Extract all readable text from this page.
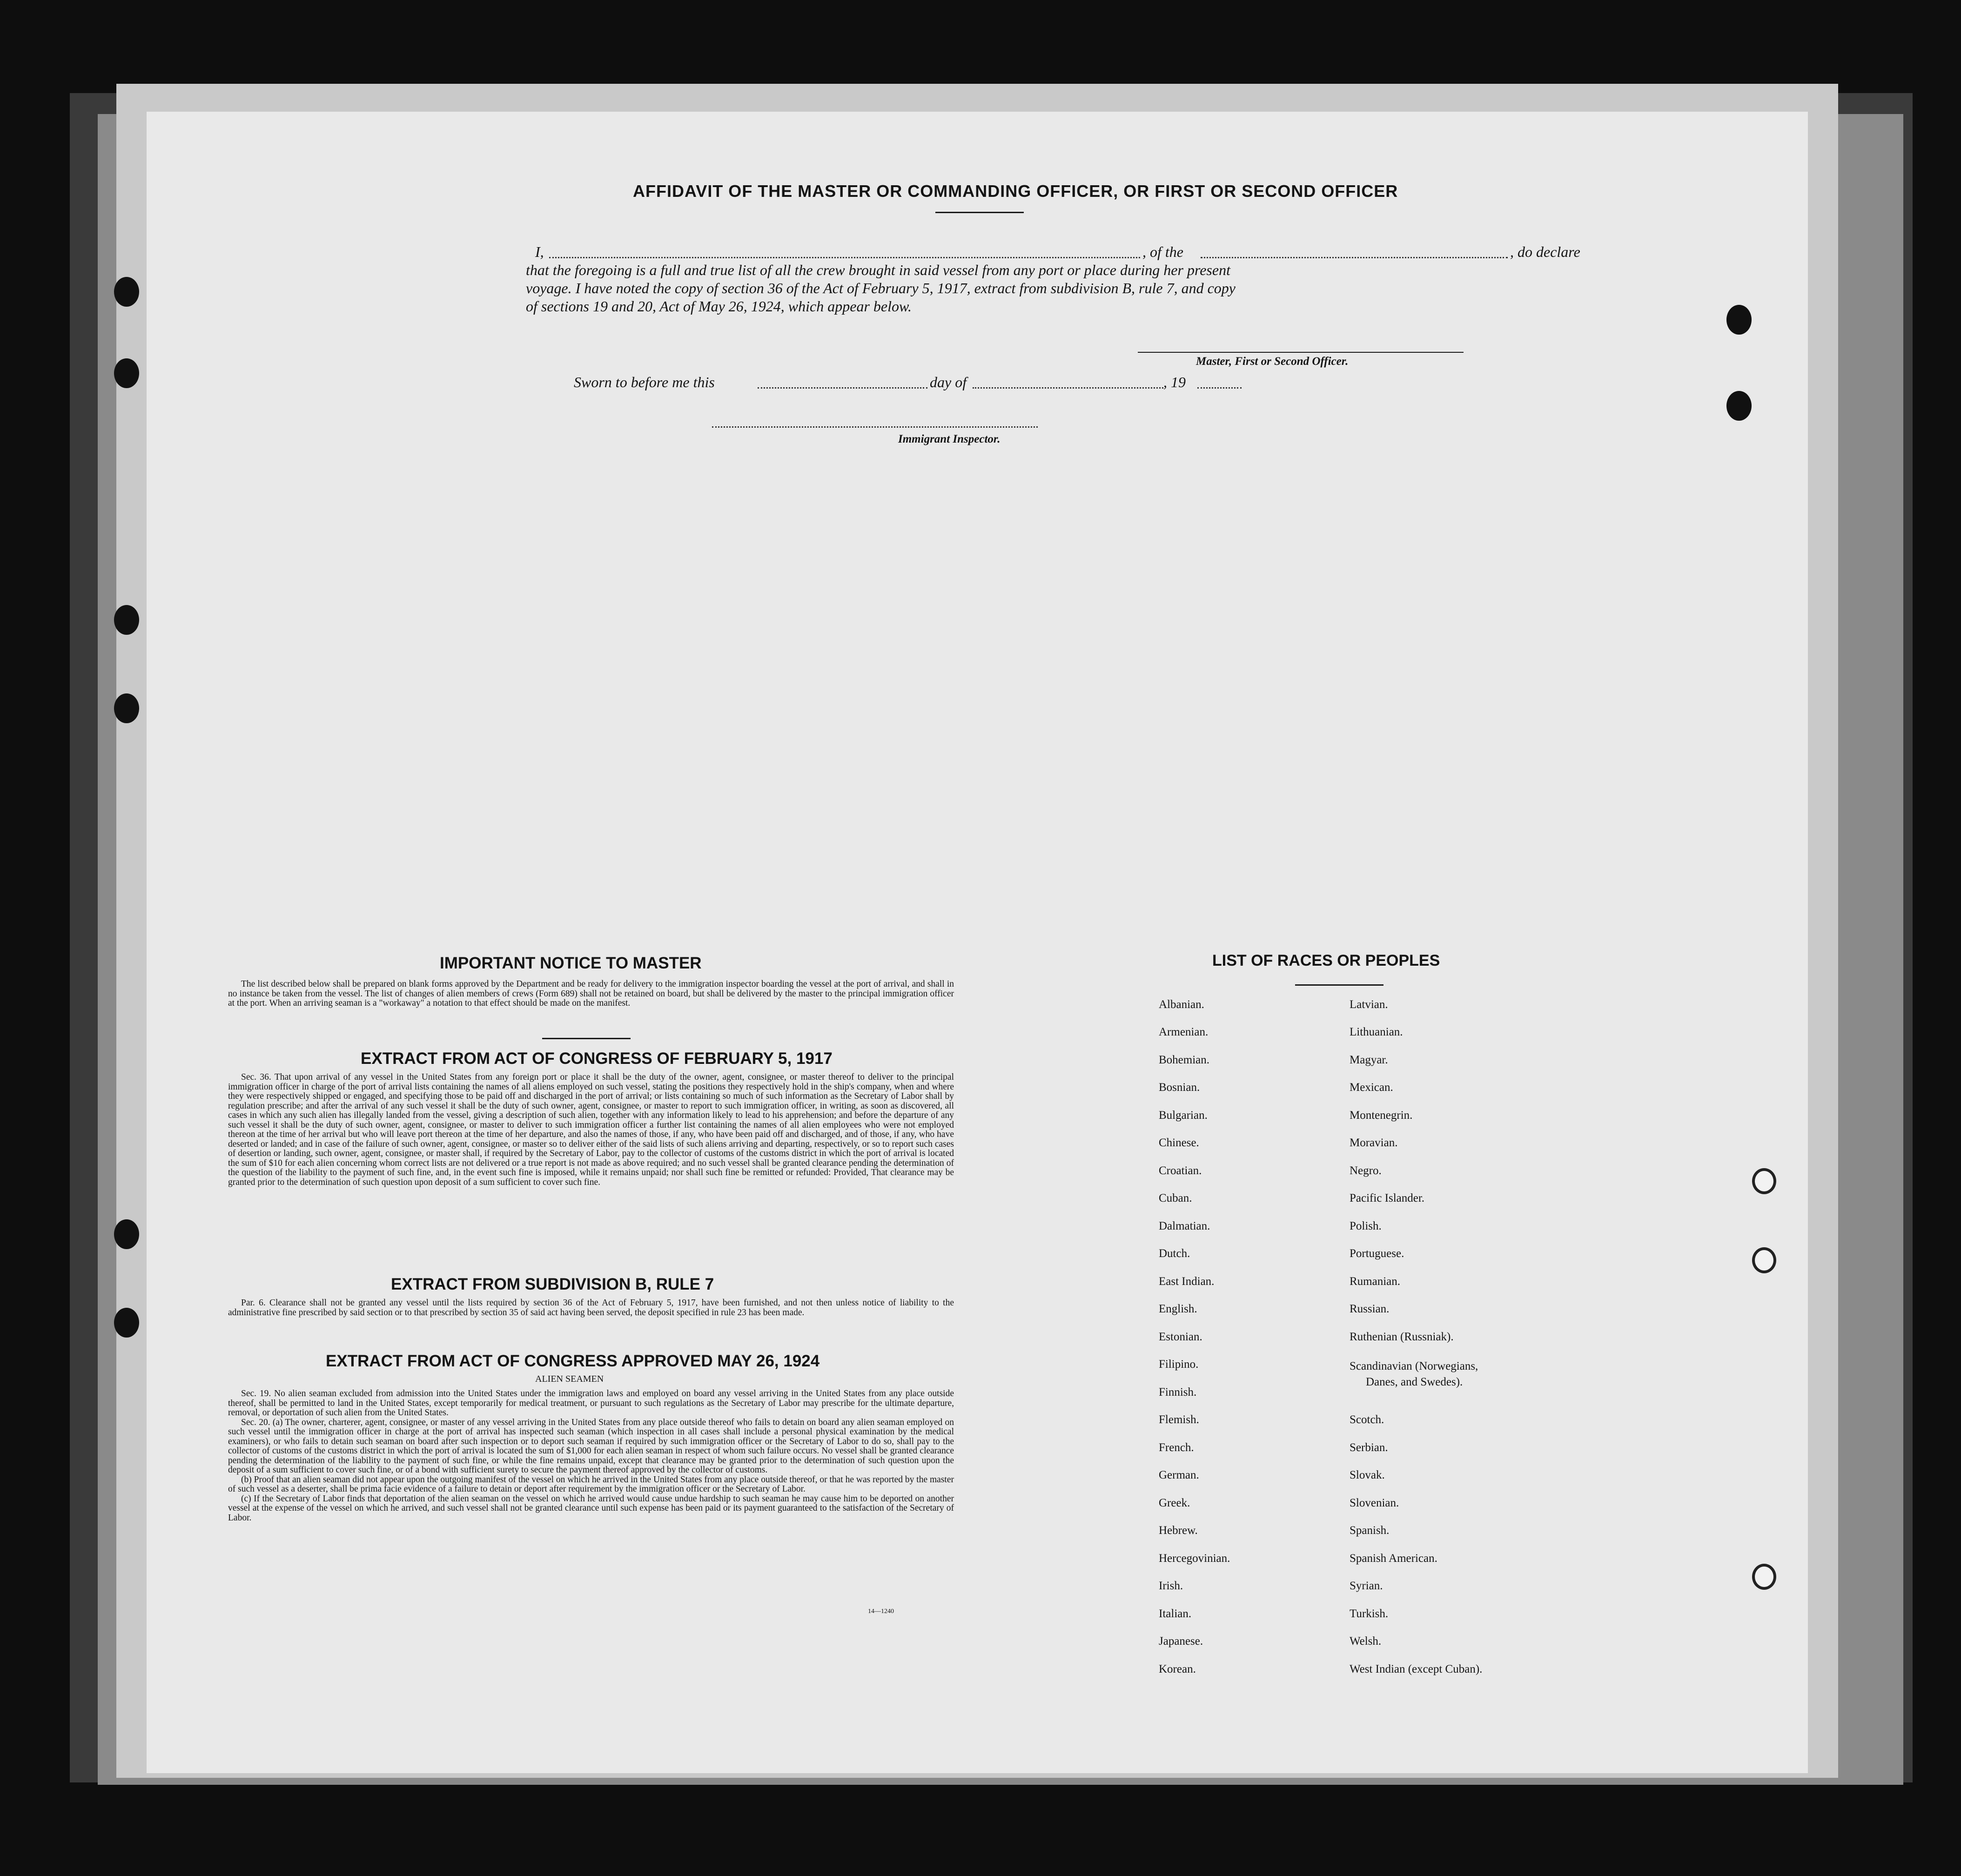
AFFIDAVIT OF THE MASTER OR COMMANDING OFFICER, OR FIRST OR SECOND OFFICER
I,	, of the	, do declare
that the foregoing is a full and true list of all the crew brought in said vessel from any port or place during her present
voyage. I have noted the copy of section 36 of the Act of February 5, 1917, extract from subdivision B, rule 7, and copy
of sections 19 and 20, Act of May 26, 1924, which appear below.
Master, First or Second Officer.
Sworn to before me this	day of	, 19
Immigrant Inspector.
IMPORTANT NOTICE TO MASTER

The list described below shall be prepared on blank forms approved by the Department and be ready for delivery to the immigration inspector boarding the vessel at the port of arrival, and shall in no instance be taken from the vessel. The list of changes of alien members of crews (Form 689) shall not be retained on board, but shall be delivered by the master to the principal immigration officer at the port. When an arriving seaman is a "workaway" a notation to that effect should be made on the manifest.

EXTRACT FROM ACT OF CONGRESS OF FEBRUARY 5, 1917

Sec. 36. That upon arrival of any vessel in the United States from any foreign port or place it shall be the duty of the owner, agent, consignee, or master thereof to deliver to the principal immigration officer in charge of the port of arrival lists containing the names of all aliens employed on such vessel, stating the positions they respectively hold in the ship's company, when and where they were respectively shipped or engaged, and specifying those to be paid off and discharged in the port of arrival; or lists containing so much of such information as the Secretary of Labor shall by regulation prescribe; and after the arrival of any such vessel it shall be the duty of such owner, agent, consignee, or master to report to such immigration officer, in writing, as soon as discovered, all cases in which any such alien has illegally landed from the vessel, giving a description of such alien, together with any information likely to lead to his apprehension; and before the departure of any such vessel it shall be the duty of such owner, agent, consignee, or master to deliver to such immigration officer a further list containing the names of all alien employees who were not employed thereon at the time of her arrival but who will leave port thereon at the time of her departure, and also the names of those, if any, who have been paid off and discharged, and of those, if any, who have deserted or landed; and in case of the failure of such owner, agent, consignee, or master so to deliver either of the said lists of such aliens arriving and departing, respectively, or so to report such cases of desertion or landing, such owner, agent, consignee, or master shall, if required by the Secretary of Labor, pay to the collector of customs of the customs district in which the port of arrival is located the sum of $10 for each alien concerning whom correct lists are not delivered or a true report is not made as above required; and no such vessel shall be granted clearance pending the determination of the question of the liability to the payment of such fine, and, in the event such fine is imposed, while it remains unpaid; nor shall such fine be remitted or refunded: Provided, That clearance may be granted prior to the determination of such question upon deposit of a sum sufficient to cover such fine.

EXTRACT FROM SUBDIVISION B, RULE 7

Par. 6. Clearance shall not be granted any vessel until the lists required by section 36 of the Act of February 5, 1917, have been furnished, and not then unless notice of liability to the administrative fine prescribed by said section or to that prescribed by section 35 of said act having been served, the deposit specified in rule 23 has been made.

EXTRACT FROM ACT OF CONGRESS APPROVED MAY 26, 1924
ALIEN SEAMEN

Sec. 19. No alien seaman excluded from admission into the United States under the immigration laws and employed on board any vessel arriving in the United States from any place outside thereof, shall be permitted to land in the United States, except temporarily for medical treatment, or pursuant to such regulations as the Secretary of Labor may prescribe for the ultimate departure, removal, or deportation of such alien from the United States.

Sec. 20. (a) The owner, charterer, agent, consignee, or master of any vessel arriving in the United States from any place outside thereof who fails to detain on board any alien seaman employed on such vessel until the immigration officer in charge at the port of arrival has inspected such seaman (which inspection in all cases shall include a personal physical examination by the medical examiners), or who fails to detain such seaman on board after such inspection or to deport such seaman if required by such immigration officer or the Secretary of Labor to do so, shall pay to the collector of customs of the customs district in which the port of arrival is located the sum of $1,000 for each alien seaman in respect of whom such failure occurs. No vessel shall be granted clearance pending the determination of the liability to the payment of such fine, or while the fine remains unpaid, except that clearance may be granted prior to the determination of such question upon the deposit of a sum sufficient to cover such fine, or of a bond with sufficient surety to secure the payment thereof approved by the collector of customs.

(b) Proof that an alien seaman did not appear upon the outgoing manifest of the vessel on which he arrived in the United States from any place outside thereof, or that he was reported by the master of such vessel as a deserter, shall be prima facie evidence of a failure to detain or deport after requirement by the immigration officer or the Secretary of Labor.

(c) If the Secretary of Labor finds that deportation of the alien seaman on the vessel on which he arrived would cause undue hardship to such seaman he may cause him to be deported on another vessel at the expense of the vessel on which he arrived, and such vessel shall not be granted clearance until such expense has been paid or its payment guaranteed to the satisfaction of the Secretary of Labor.

14—1240
LIST OF RACES OR PEOPLES
Albanian.
Armenian.
Bohemian.
Bosnian.
Bulgarian.
Chinese.
Croatian.
Cuban.
Dalmatian.
Dutch.
East Indian.
English.
Estonian.
Filipino.
Finnish.
Flemish.
French.
German.
Greek.
Hebrew.
Hercegovinian.
Irish.
Italian.
Japanese.
Korean.
Latvian.
Lithuanian.
Magyar.
Mexican.
Montenegrin.
Moravian.
Negro.
Pacific Islander.
Polish.
Portuguese.
Rumanian.
Russian.
Ruthenian (Russniak).
Scandinavian (Norwegians,
Danes, and Swedes).
Scotch.
Serbian.
Slovak.
Slovenian.
Spanish.
Spanish American.
Syrian.
Turkish.
Welsh.
West Indian (except Cuban).
